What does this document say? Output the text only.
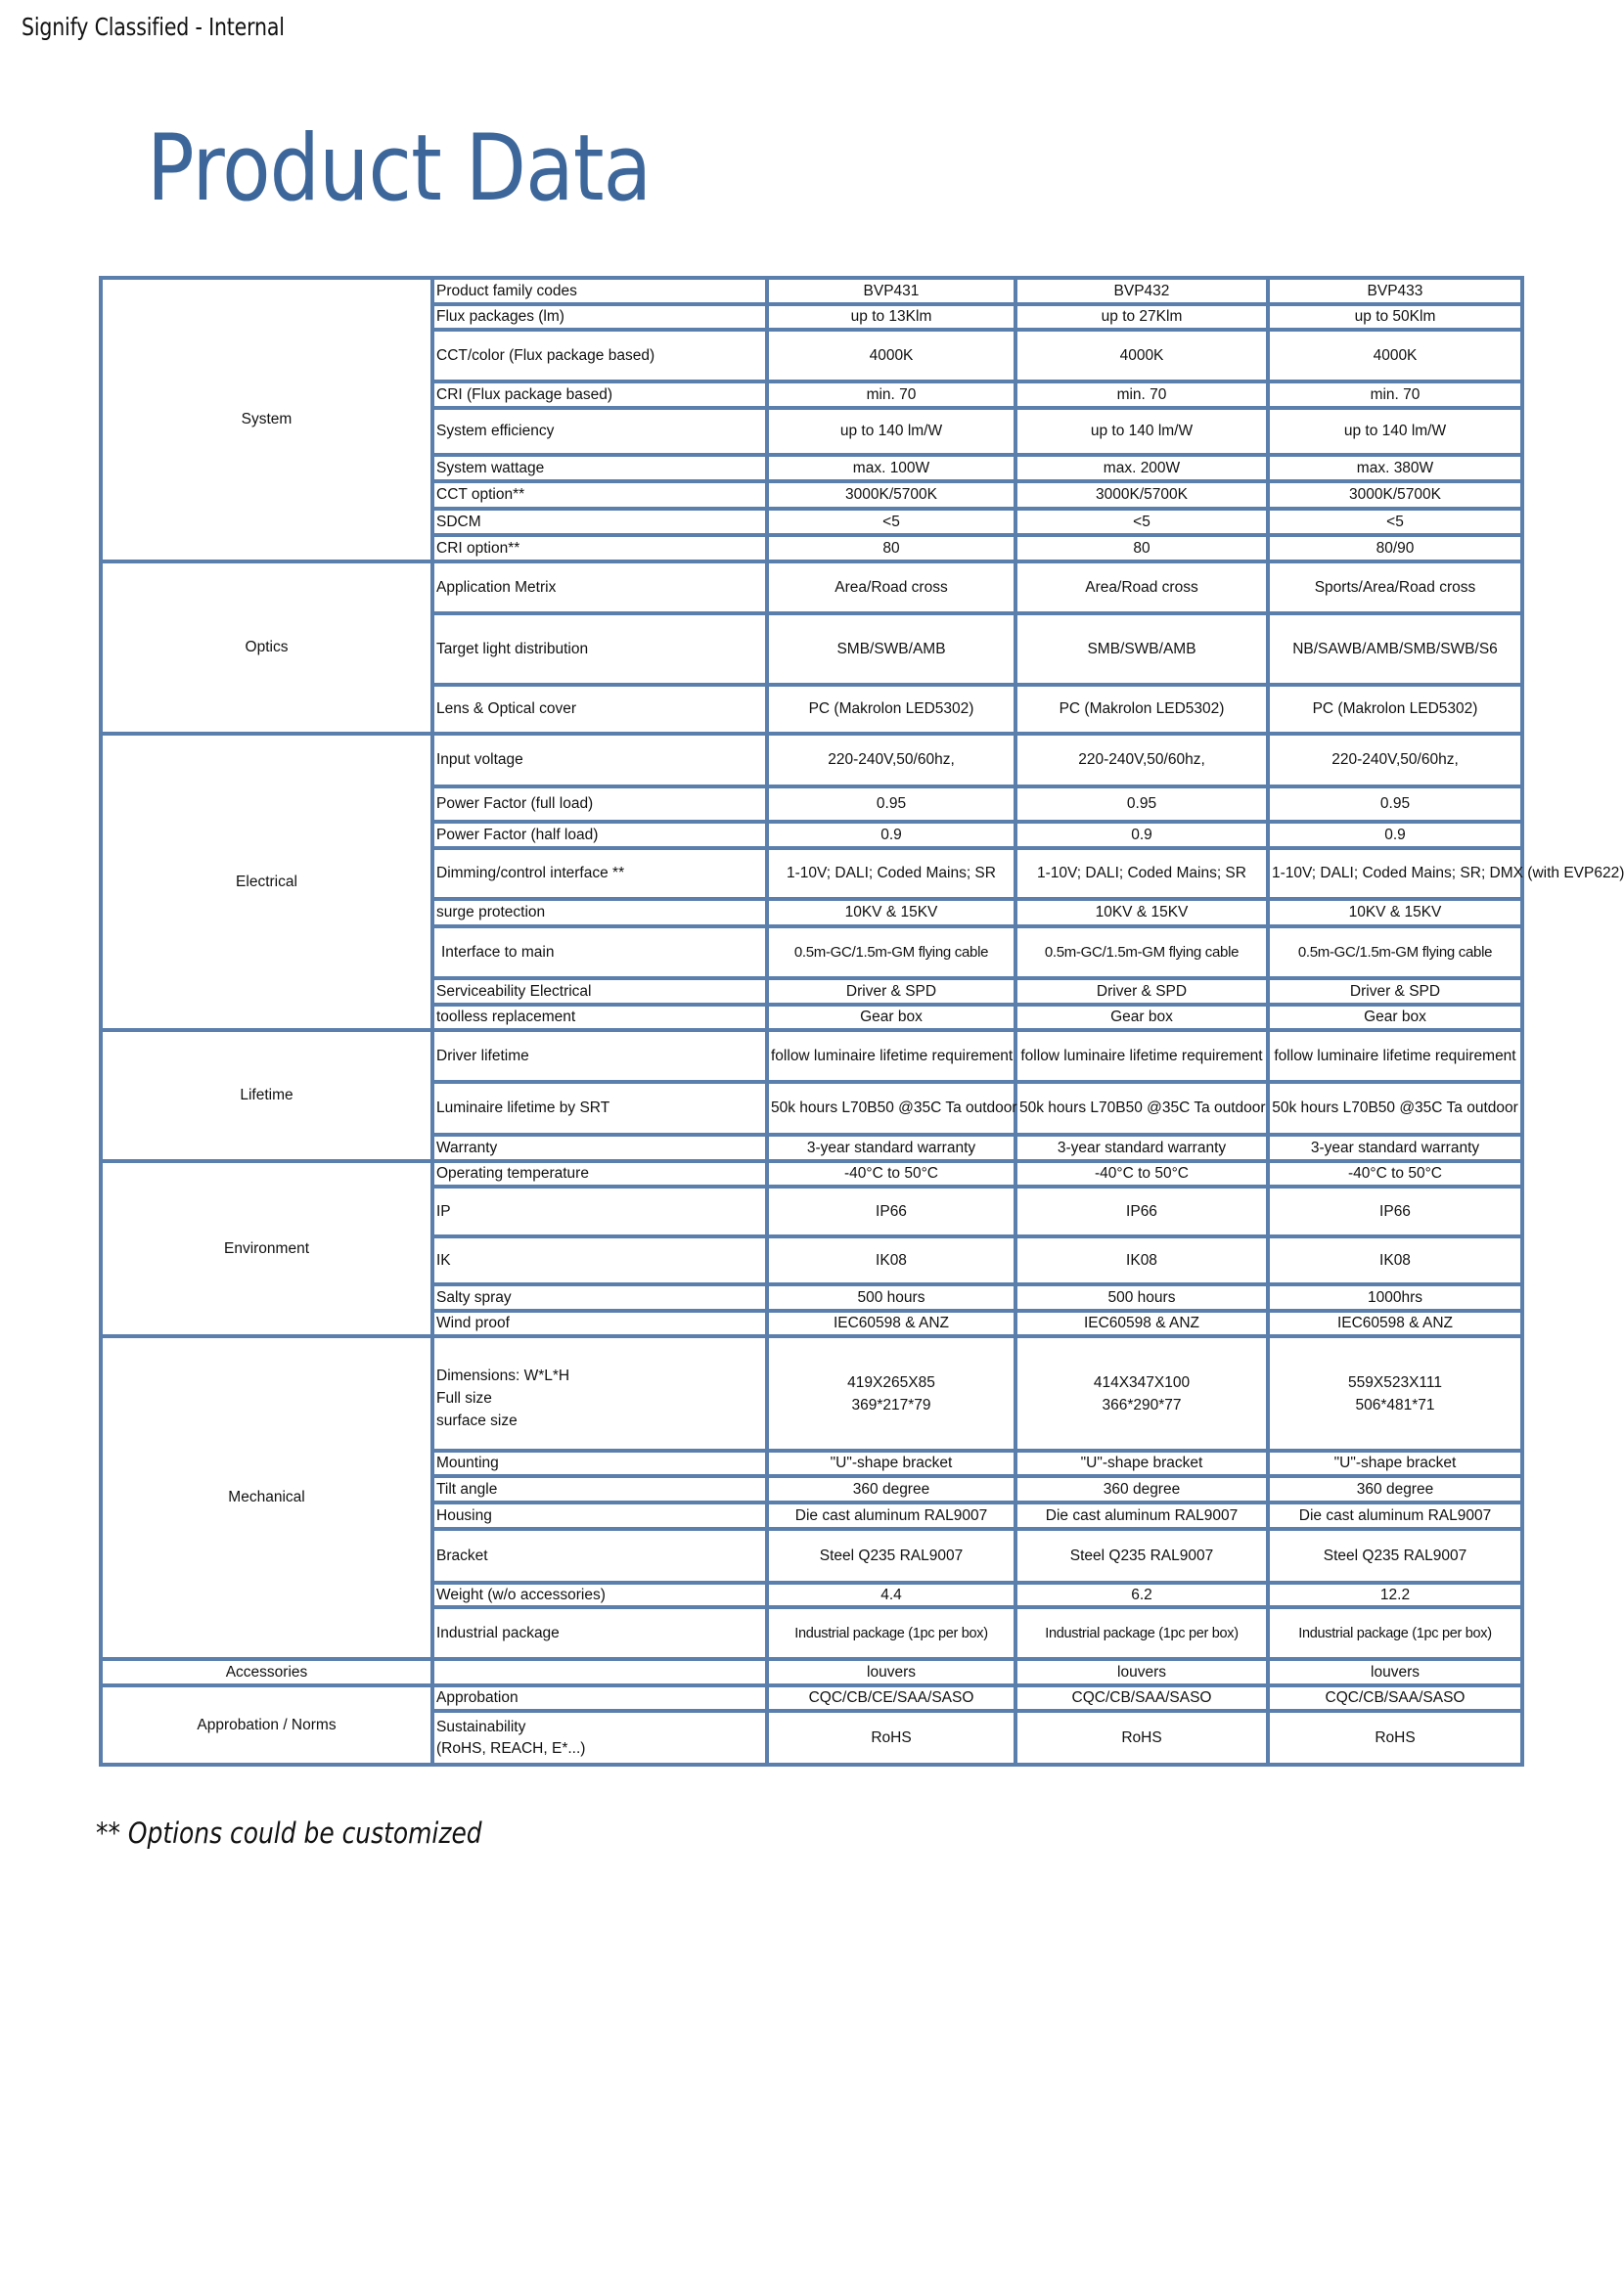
Signify Classified - Internal
Product Data
System	Product family codes	BVP431	BVP432	BVP433
Flux packages (lm)	up to 13Klm	up to 27Klm	up to 50Klm
CCT/color (Flux package based)	4000K	4000K	4000K
CRI (Flux package based)	min. 70	min. 70	min. 70
System efficiency	up to 140 lm/W	up to 140 lm/W	up to 140 lm/W
System wattage	max. 100W	max. 200W	max. 380W
CCT option**	3000K/5700K	3000K/5700K	3000K/5700K
SDCM	<5	<5	<5
CRI option**	80	80	80/90
Optics	Application Metrix	Area/Road cross	Area/Road cross	Sports/Area/Road cross
Target light distribution	SMB/SWB/AMB	SMB/SWB/AMB	NB/SAWB/AMB/SMB/SWB/S6
Lens & Optical cover	PC (Makrolon LED5302)	PC (Makrolon LED5302)	PC (Makrolon LED5302)
Electrical	Input voltage	220-240V,50/60hz,	220-240V,50/60hz,	220-240V,50/60hz,
Power Factor (full load)	0.95	0.95	0.95
Power Factor (half load)	0.9	0.9	0.9
Dimming/control interface **	1-10V; DALI; Coded Mains; SR	1-10V; DALI; Coded Mains; SR	1-10V; DALI; Coded Mains; SR; DMX (with EVP622)
surge protection	10KV & 15KV	10KV & 15KV	10KV & 15KV
Interface to main	0.5m-GC/1.5m-GM flying cable	0.5m-GC/1.5m-GM flying cable	0.5m-GC/1.5m-GM flying cable
Serviceability Electrical	Driver & SPD	Driver & SPD	Driver & SPD
toolless replacement	Gear box	Gear box	Gear box
Lifetime	Driver lifetime	follow luminaire lifetime requirement	follow luminaire lifetime requirement	follow luminaire lifetime requirement
Luminaire lifetime by SRT	50k hours L70B50 @35C Ta outdoor	50k hours L70B50 @35C Ta outdoor	50k hours L70B50 @35C Ta outdoor
Warranty	3-year standard warranty	3-year standard warranty	3-year standard warranty
Environment	Operating temperature	-40°C to 50°C	-40°C to 50°C	-40°C to 50°C
IP	IP66	IP66	IP66
IK	IK08	IK08	IK08
Salty spray	500 hours	500 hours	1000hrs
Wind proof	IEC60598 & ANZ	IEC60598 & ANZ	IEC60598 & ANZ
Mechanical	
Dimensions: W*L*H
Full size
surface size

419X265X85
369*217*79

414X347X100
366*290*77

559X523X111
506*481*71

Mounting	"U"-shape bracket	"U"-shape bracket	"U"-shape bracket
Tilt angle	360 degree	360 degree	360 degree
Housing	Die cast aluminum RAL9007	Die cast aluminum RAL9007	Die cast aluminum RAL9007
Bracket	Steel Q235 RAL9007	Steel Q235 RAL9007	Steel Q235 RAL9007
Weight (w/o accessories)	4.4	6.2	12.2
Industrial package	Industrial package (1pc per box)	Industrial package (1pc per box)	Industrial package (1pc per box)
Accessories		louvers	louvers	louvers
Approbation / Norms	Approbation	CQC/CB/CE/SAA/SASO	CQC/CB/SAA/SASO	CQC/CB/SAA/SASO

Sustainability
(RoHS, REACH, E*...)
	RoHS	RoHS	RoHS
** Options could be customized
